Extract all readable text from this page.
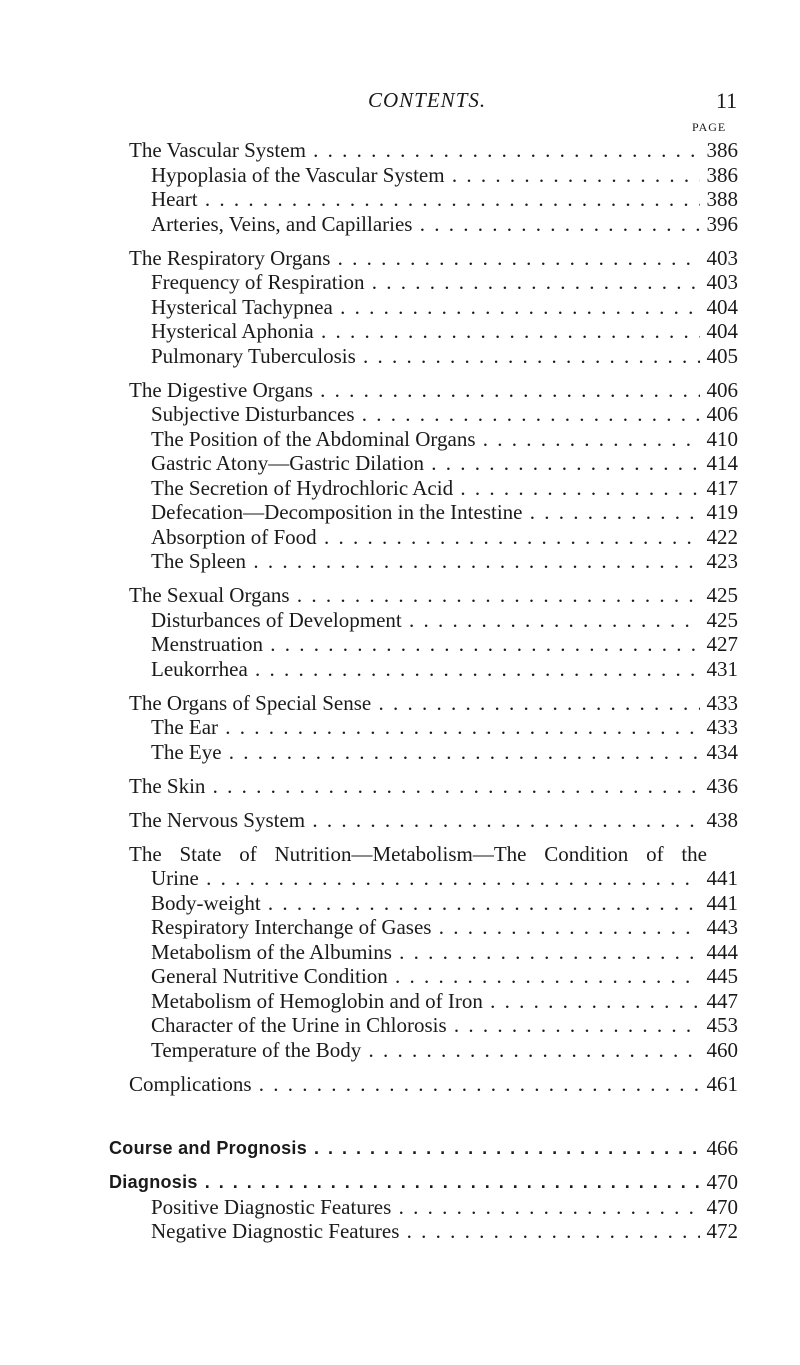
CONTENTS.	11
PAGE
The Vascular System . . .	386
Hypoplasia of the Vascular System . . .	386
Heart . . .	388
Arteries, Veins, and Capillaries . . .	396
The Respiratory Organs . . .	403
Frequency of Respiration . . .	403
Hysterical Tachypnea . . .	404
Hysterical Aphonia . . .	404
Pulmonary Tuberculosis . . .	405
The Digestive Organs . . .	406
Subjective Disturbances . . .	406
The Position of the Abdominal Organs . . .	410
Gastric Atony—Gastric Dilation . . .	414
The Secretion of Hydrochloric Acid . . .	417
Defecation—Decomposition in the Intestine . . .	419
Absorption of Food . . .	422
The Spleen . . .	423
The Sexual Organs . . .	425
Disturbances of Development . . .	425
Menstruation . . .	427
Leukorrhea . . .	431
The Organs of Special Sense . . .	433
The Ear . . .	433
The Eye . . .	434
The Skin . . .	436
The Nervous System . . .	438
The State of Nutrition—Metabolism—The Condition of the
Urine . . .	441
Body-weight . . .	441
Respiratory Interchange of Gases . . .	443
Metabolism of the Albumins . . .	444
General Nutritive Condition . . .	445
Metabolism of Hemoglobin and of Iron . . .	447
Character of the Urine in Chlorosis . . .	453
Temperature of the Body . . .	460
Complications . . .	461
Course and Prognosis . . .	466
Diagnosis . . .	470
Positive Diagnostic Features . . .	470
Negative Diagnostic Features . . .	472
